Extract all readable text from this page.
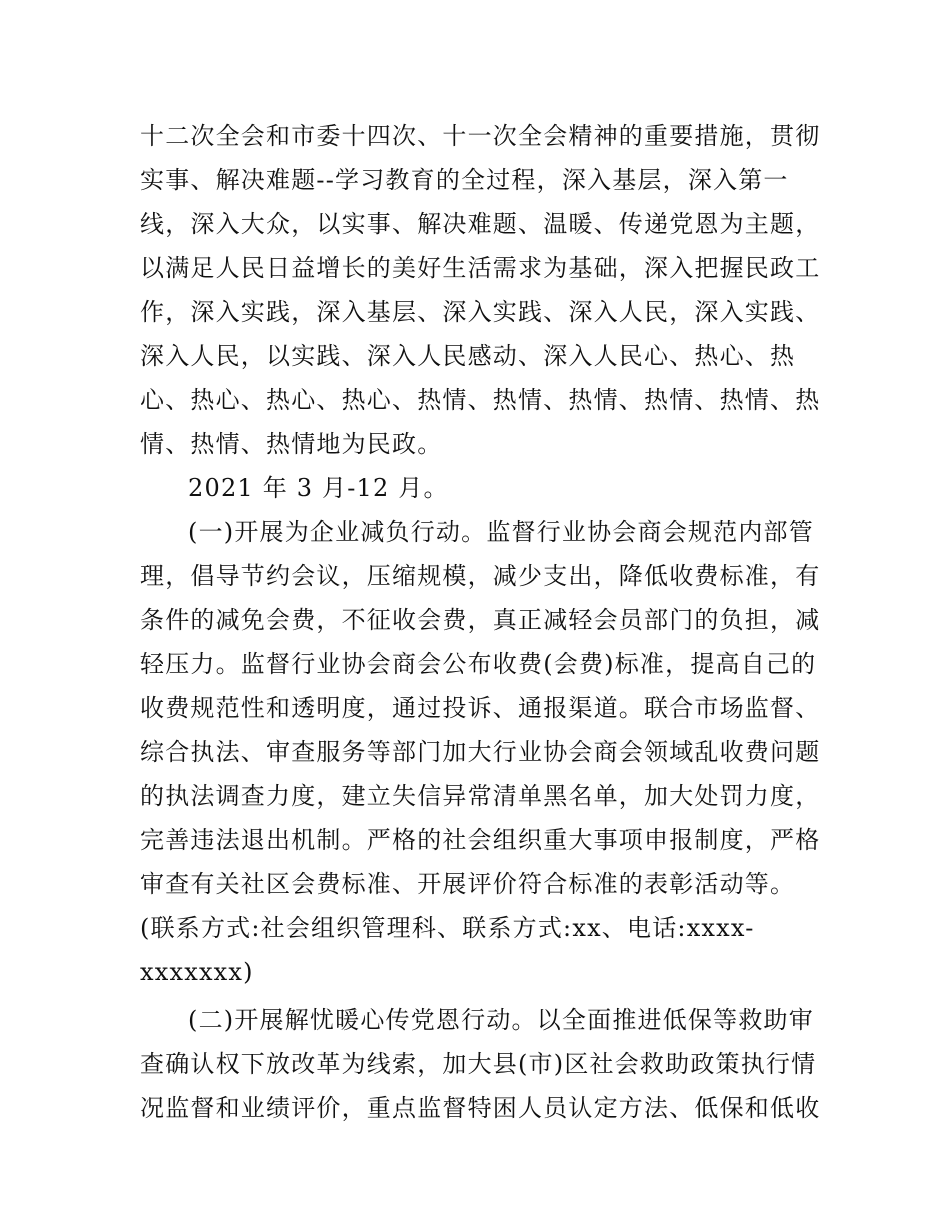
十二次全会和市委十四次、十一次全会精神的重要措施，贯彻
实事、解决难题--学习教育的全过程，深入基层，深入第一
线，深入大众，以实事、解决难题、温暖、传递党恩为主题，
以满足人民日益增长的美好生活需求为基础，深入把握民政工
作，深入实践，深入基层、深入实践、深入人民，深入实践、
深入人民，以实践、深入人民感动、深入人民心、热心、热
心、热心、热心、热心、热情、热情、热情、热情、热情、热
情、热情、热情地为民政。
2021 年 3 月-12 月。
(一)开展为企业减负行动。监督行业协会商会规范内部管
理，倡导节约会议，压缩规模，减少支出，降低收费标准，有
条件的减免会费，不征收会费，真正减轻会员部门的负担，减
轻压力。监督行业协会商会公布收费(会费)标准，提高自己的
收费规范性和透明度，通过投诉、通报渠道。联合市场监督、
综合执法、审查服务等部门加大行业协会商会领域乱收费问题
的执法调查力度，建立失信异常清单黑名单，加大处罚力度，
完善违法退出机制。严格的社会组织重大事项申报制度，严格
审查有关社区会费标准、开展评价符合标准的表彰活动等。
(联系方式:社会组织管理科、联系方式:xx、电话:xxxx-
xxxxxxx)
(二)开展解忧暖心传党恩行动。以全面推进低保等救助审
查确认权下放改革为线索，加大县(市)区社会救助政策执行情
况监督和业绩评价，重点监督特困人员认定方法、低保和低收
